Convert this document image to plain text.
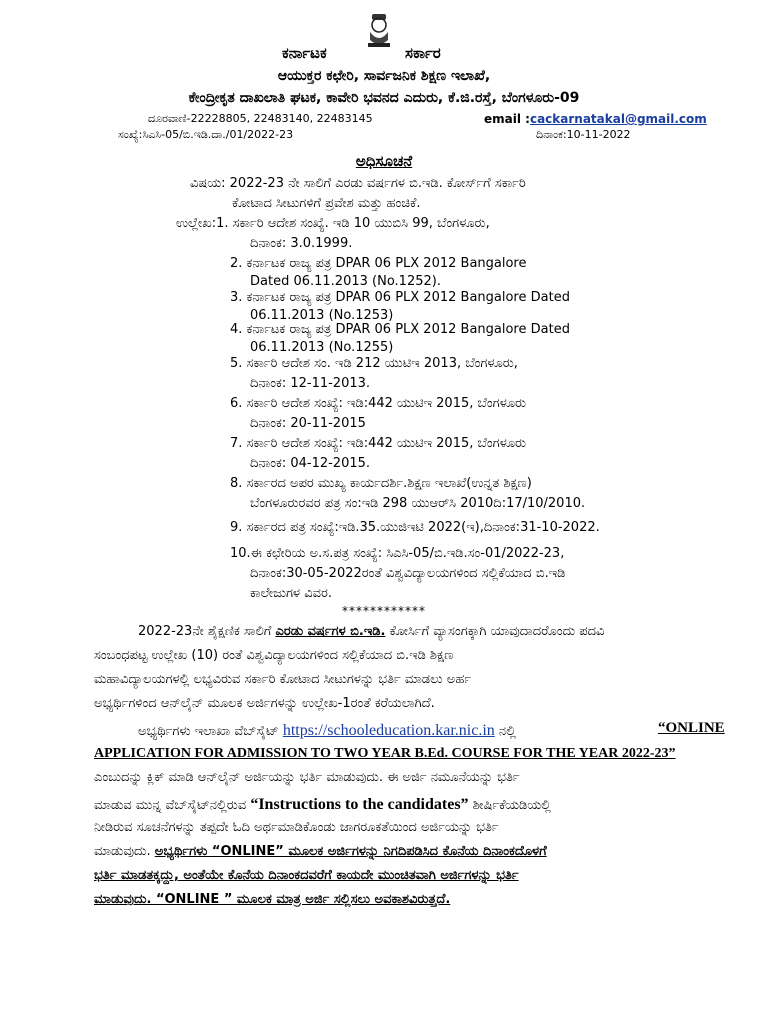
ಕರ್ನಾಟಕ	ಸರ್ಕಾರ
ಆಯುಕ್ತರ ಕಛೇರಿ, ಸಾರ್ವಜನಿಕ ಶಿಕ್ಷಣ ಇಲಾಖೆ,
ಕೇಂದ್ರೀಕೃತ ದಾಖಲಾತಿ ಘಟಕ, ಕಾವೇರಿ ಭವನದ ಎದುರು, ಕೆ.ಜಿ.ರಸ್ತೆ, ಬೆಂಗಳೂರು-09
ದೂರವಾಣಿ-22228805, 22483140, 22483145	email :cackarnatakal@gmail.com
ಸಂಖ್ಯೆ:ಸಿಎಸಿ-05/ಬಿ.ಇಡಿ.ದಾ./01/2022-23	ದಿನಾಂಕ:10-11-2022
ಅಧಿಸೂಚನೆ
ವಿಷಯ: 2022-23 ನೇ ಸಾಲಿಗೆ ಎರಡು ವರ್ಷಗಳ ಬಿ.ಇಡಿ. ಕೋರ್ಸ್‌ಗೆ ಸರ್ಕಾರಿ
ಕೋಟಾದ ಸೀಟುಗಳಿಗೆ ಪ್ರವೇಶ ಮತ್ತು ಹಂಚಿಕೆ.
ಉಲ್ಲೇಖ:1. ಸರ್ಕಾರಿ ಆದೇಶ ಸಂಖ್ಯೆ. ಇಡಿ 10 ಯುಬಿಸಿ 99, ಬೆಂಗಳೂರು,
ದಿನಾಂಕ: 3.0.1999.
2. ಕರ್ನಾಟಕ ರಾಜ್ಯ ಪತ್ರ DPAR 06 PLX 2012 Bangalore
Dated 06.11.2013 (No.1252).
3. ಕರ್ನಾಟಕ ರಾಜ್ಯ ಪತ್ರ DPAR 06 PLX 2012 Bangalore Dated
06.11.2013 (No.1253)
4. ಕರ್ನಾಟಕ ರಾಜ್ಯ ಪತ್ರ DPAR 06 PLX 2012 Bangalore Dated
06.11.2013 (No.1255)
5. ಸರ್ಕಾರಿ ಆದೇಶ ಸಂ. ಇಡಿ 212 ಯುಟಿಇ 2013, ಬೆಂಗಳೂರು,
ದಿನಾಂಕ: 12-11-2013.
6. ಸರ್ಕಾರಿ ಆದೇಶ ಸಂಖ್ಯೆ: ಇಡಿ:442 ಯುಟಿಇ 2015, ಬೆಂಗಳೂರು
ದಿನಾಂಕ: 20-11-2015
7. ಸರ್ಕಾರಿ ಆದೇಶ ಸಂಖ್ಯೆ: ಇಡಿ:442 ಯುಟಿಇ 2015, ಬೆಂಗಳೂರು
ದಿನಾಂಕ: 04-12-2015.
8. ಸರ್ಕಾರದ ಅಪರ ಮುಖ್ಯ ಕಾರ್ಯದರ್ಶಿ.ಶಿಕ್ಷಣ ಇಲಾಖೆ(ಉನ್ನತ ಶಿಕ್ಷಣ)
ಬೆಂಗಳೂರುರವರ ಪತ್ರ ಸಂ:ಇಡಿ 298 ಯುಆರ್‌ಸಿ 2010ದಿ:17/10/2010.
9. ಸರ್ಕಾರದ ಪತ್ರ ಸಂಖ್ಯೆ:ಇಡಿ.35.ಯುಜಿಇಟಿ 2022(ಇ),ದಿನಾಂಕ:31-10-2022.
10.ಈ ಕಛೇರಿಯ ಅ.ಸ.ಪತ್ರ ಸಂಖ್ಯೆ: ಸಿಎಸಿ-05/ಬಿ.ಇಡಿ.ಸಂ-01/2022-23,
ದಿನಾಂಕ:30-05-2022ರಂತೆ ವಿಶ್ವವಿದ್ಯಾಲಯಗಳಿಂದ ಸಲ್ಲಿಕೆಯಾದ ಬಿ.ಇಡಿ
ಕಾಲೇಜುಗಳ ವಿವರ.
************
2022-23ನೇ ಶೈಕ್ಷಣಿಕ ಸಾಲಿಗೆ ಎರಡು ವರ್ಷಗಳ ಬಿ.ಇಡಿ. ಕೋರ್ಸಿಗೆ ವ್ಯಾಸಂಗಕ್ಕಾಗಿ ಯಾವುದಾದರೊಂದು ಪದವಿ
ಸಂಬಂಧಪಟ್ಟ ಉಲ್ಲೇಖ (10) ರಂತೆ ವಿಶ್ವವಿದ್ಯಾಲಯಗಳಿಂದ ಸಲ್ಲಿಕೆಯಾದ ಬಿ.ಇಡಿ ಶಿಕ್ಷಣ
ಮಹಾವಿದ್ಯಾಲಯಗಳಲ್ಲಿ ಲಭ್ಯವಿರುವ ಸರ್ಕಾರಿ ಕೋಟಾದ ಸೀಟುಗಳನ್ನು ಭರ್ತಿ ಮಾಡಲು ಅರ್ಹ
ಅಭ್ಯರ್ಥಿಗಳಿಂದ ಆನ್‌ಲೈನ್ ಮೂಲಕ ಅರ್ಜಿಗಳನ್ನು ಉಲ್ಲೇಖ-1ರಂತೆ ಕರೆಯಲಾಗಿದೆ.
ಅಭ್ಯರ್ಥಿಗಳು ಇಲಾಖಾ ವೆಬ್‌ಸೈಟ್ https://schooleducation.kar.nic.in ನಲ್ಲಿ	“ONLINE
APPLICATION FOR ADMISSION TO TWO YEAR B.Ed. COURSE FOR THE YEAR 2022-23”
ಎಂಬುದನ್ನು ಕ್ಲಿಕ್ ಮಾಡಿ ಆನ್‌ಲೈನ್ ಅರ್ಜಿಯನ್ನು ಭರ್ತಿ ಮಾಡುವುದು. ಈ ಅರ್ಜಿ ನಮೂನೆಯನ್ನು ಭರ್ತಿ
ಮಾಡುವ ಮುನ್ನ ವೆಬ್‌ಸೈಟ್‌ನಲ್ಲಿರುವ “Instructions to the candidates” ಶೀರ್ಷಿಕೆಯಡಿಯಲ್ಲಿ
ನೀಡಿರುವ ಸೂಚನೆಗಳನ್ನು ತಪ್ಪದೇ ಓದಿ ಅರ್ಥಮಾಡಿಕೊಂಡು ಜಾಗರೂಕತೆಯಿಂದ ಅರ್ಜಿಯನ್ನು ಭರ್ತಿ
ಮಾಡುವುದು. ಅಭ್ಯರ್ಥಿಗಳು “ONLINE” ಮೂಲಕ ಅರ್ಜಿಗಳನ್ನು ನಿಗದಿಪಡಿಸಿದ ಕೊನೆಯ ದಿನಾಂಕದೊಳಗೆ
ಭರ್ತಿ ಮಾಡತಕ್ಕದ್ದು, ಅಂತೆಯೇ ಕೊನೆಯ ದಿನಾಂಕದವರೆಗೆ ಕಾಯದೇ ಮುಂಚಿತವಾಗಿ ಅರ್ಜಿಗಳನ್ನು ಭರ್ತಿ
ಮಾಡುವುದು. “ONLINE ” ಮೂಲಕ ಮಾತ್ರ ಅರ್ಜಿ ಸಲ್ಲಿಸಲು ಅವಕಾಶವಿರುತ್ತದೆ.
